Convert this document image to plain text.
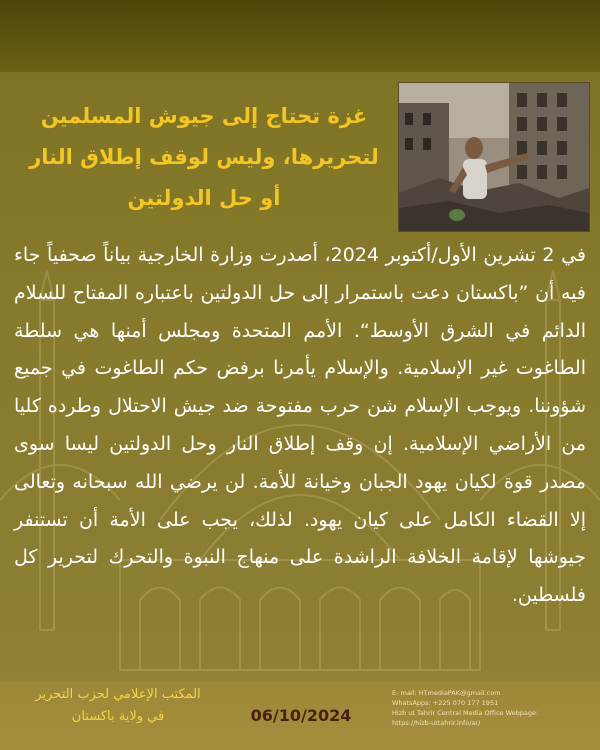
غزة تحتاج إلى جيوش المسلمين لتحريرها، وليس لوقف إطلاق النار أو حل الدولتين
في 2 تشرين الأول/أكتوبر 2024، أصدرت وزارة الخارجية بياناً صحفياً جاء فيه أن ”باكستان دعت باستمرار إلى حل الدولتين باعتباره المفتاح للسلام الدائم في الشرق الأوسط“. الأمم المتحدة ومجلس أمنها هي سلطة الطاغوت غير الإسلامية. والإسلام يأمرنا برفض حكم الطاغوت في جميع شؤوننا. ويوجب الإسلام شن حرب مفتوحة ضد جيش الاحتلال وطرده كليا من الأراضي الإسلامية. إن وقف إطلاق النار وحل الدولتين ليسا سوى مصدر قوة لكيان يهود الجبان وخيانة للأمة. لن يرضي الله سبحانه وتعالى إلا القضاء الكامل على كيان يهود. لذلك، يجب على الأمة أن تستنفر جيوشها لإقامة الخلافة الراشدة على منهاج النبوة والتحرك لتحرير كل فلسطين.
المكتب الإعلامي لحزب التحرير
في ولاية باكستان	06/10/2024
E- mail: HTmediaPAK@gmail.com
WhatsApps: +225 070 177 1951
Hizb ut Tahrir Central Media Office Webpage:
https://hizb-uttahrir.info/ar/
